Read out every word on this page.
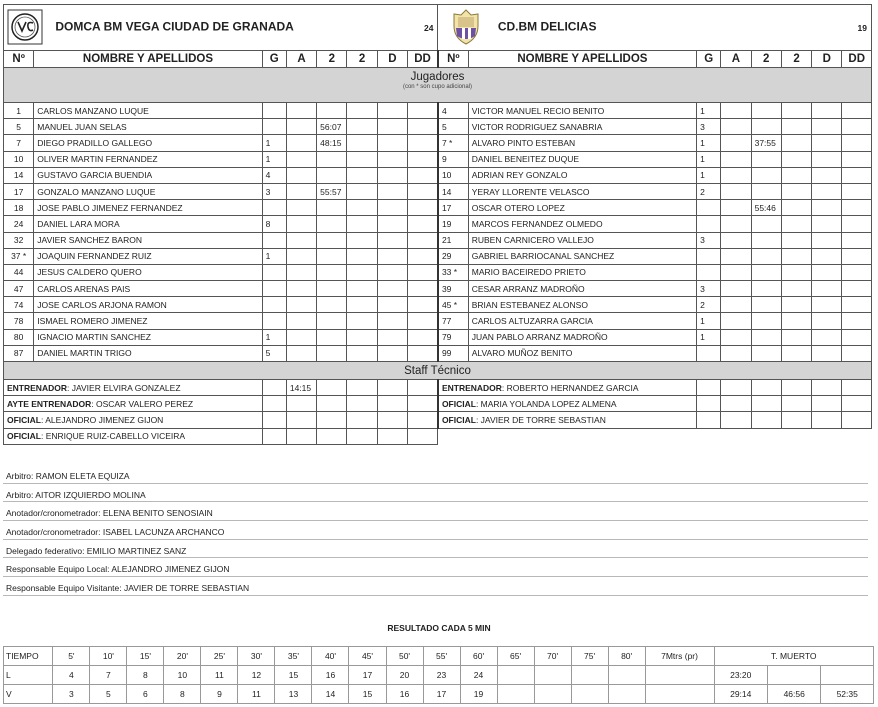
DOMCA BM VEGA CIUDAD DE GRANADA							24	CD.BM DELICIAS							19
Nº	NOMBRE Y APELLIDOS	G	A	2	2	D	DD	Nº	NOMBRE Y APELLIDOS	G	A	2	2	D	DD

Jugadores
(con * son cupo adicional)															

1	CARLOS MANZANO LUQUE							4	VICTOR MANUEL RECIO BENITO	1					
5	MANUEL JUAN SELAS			56:07				5	VICTOR RODRIGUEZ SANABRIA	3					
7	DIEGO PRADILLO GALLEGO	1		48:15				7 *	ALVARO PINTO ESTEBAN	1		37:55			
10	OLIVER MARTIN FERNANDEZ	1						9	DANIEL BENEITEZ DUQUE	1					
14	GUSTAVO GARCIA BUENDIA	4						10	ADRIAN REY GONZALO	1					
17	GONZALO MANZANO LUQUE	3		55:57				14	YERAY LLORENTE VELASCO	2					
18	JOSE PABLO JIMENEZ FERNANDEZ							17	OSCAR OTERO LOPEZ			55:46			
24	DANIEL LARA MORA	8						19	MARCOS FERNANDEZ OLMEDO						
32	JAVIER SANCHEZ BARON							21	RUBEN CARNICERO VALLEJO	3					
37 *	JOAQUIN FERNANDEZ RUIZ	1						29	GABRIEL BARRIOCANAL SANCHEZ						
44	JESUS CALDERO QUERO							33 *	MARIO BACEIREDO PRIETO						
47	CARLOS ARENAS PAIS							39	CESAR ARRANZ MADROÑO	3					
74	JOSE CARLOS ARJONA RAMON							45 *	BRIAN ESTEBANEZ ALONSO	2					
78	ISMAEL ROMERO JIMENEZ							77	CARLOS ALTUZARRA GARCIA	1					
80	IGNACIO MARTIN SANCHEZ	1						79	JUAN PABLO ARRANZ MADROÑO	1					
87	DANIEL MARTIN TRIGO	5						99	ALVARO MUÑOZ BENITO						
Staff Técnico															
ENTRENADOR: JAVIER ELVIRA GONZALEZ			14:15					ENTRENADOR: ROBERTO HERNANDEZ GARCIA							
AYTE ENTRENADOR: OSCAR VALERO PEREZ								OFICIAL: MARIA YOLANDA LOPEZ ALMENA							
OFICIAL: ALEJANDRO JIMENEZ GIJON								OFICIAL: JAVIER DE TORRE SEBASTIAN							
OFICIAL: ENRIQUE RUIZ-CABELLO VICEIRA															
Arbitro: RAMON ELETA EQUIZA
Arbitro: AITOR IZQUIERDO MOLINA
Anotador/cronometrador: ELENA BENITO SENOSIAIN
Anotador/cronometrador: ISABEL LACUNZA ARCHANCO
Delegado federativo: EMILIO MARTINEZ SANZ
Responsable Equipo Local: ALEJANDRO JIMENEZ GIJON
Responsable Equipo Visitante: JAVIER DE TORRE SEBASTIAN
RESULTADO CADA 5 MIN
TIEMPO	5'	10'	15'	20'	25'	30'	35'	40'	45'	50'	55'	60'	65'	70'	75'	80'	7Mtrs (pr)	T. MUERTO		
L	4	7	8	10	11	12	15	16	17	20	23	24						23:20		
V	3	5	6	8	9	11	13	14	15	16	17	19						29:14	46:56	52:35
